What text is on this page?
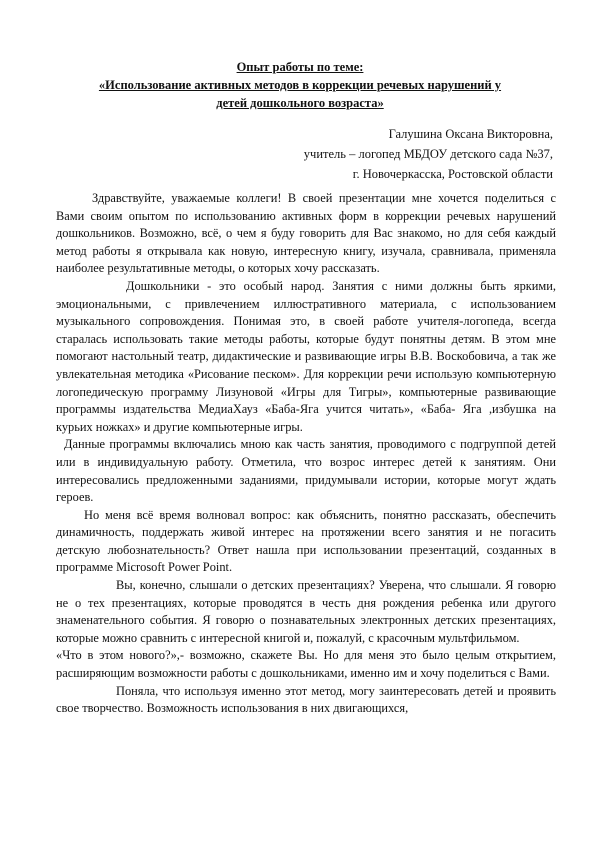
Опыт работы по теме:
«Использование активных методов в коррекции речевых нарушений у
детей дошкольного возраста»
Галушина Оксана Викторовна,
учитель – логопед МБДОУ детского сада №37,
г. Новочеркасска, Ростовской области

Здравствуйте, уважаемые коллеги! В своей презентации мне хочется поделиться с Вами своим опытом по использованию активных форм в коррекции речевых нарушений дошкольников. Возможно, всё, о чем я буду говорить для Вас знакомо, но для себя каждый метод работы я открывала как новую, интересную книгу, изучала, сравнивала, применяла наиболее результативные методы, о которых хочу рассказать.

Дошкольники - это особый народ. Занятия с ними должны быть яркими, эмоциональными, с привлечением иллюстративного материала, с использованием музыкального сопровождения. Понимая это, в своей работе учителя-логопеда, всегда старалась использовать такие методы работы, которые будут понятны детям. В этом мне помогают настольный театр, дидактические и развивающие игры В.В. Воскобовича, а так же увлекательная методика «Рисование песком». Для коррекции речи использую компьютерную логопедическую программу Лизуновой «Игры для Тигры», компьютерные развивающие программы издательства МедиаХауз «Баба-Яга учится читать», «Баба- Яга ,избушка на курьих ножках» и другие компьютерные игры.

Данные программы включались мною как часть занятия, проводимого с подгруппой детей или в индивидуальную работу. Отметила, что возрос интерес детей к занятиям. Они интересовались предложенными заданиями, придумывали истории, которые могут ждать героев.

Но меня всё время волновал вопрос: как объяснить, понятно рассказать, обеспечить динамичность, поддержать живой интерес на протяжении всего занятия и не погасить детскую любознательность? Ответ нашла при использовании презентаций, созданных в программе Microsoft Power Point.

Вы, конечно, слышали о детских презентациях? Уверена, что слышали. Я говорю не о тех презентациях, которые проводятся в честь дня рождения ребенка или другого знаменательного события. Я говорю о познавательных электронных детских презентациях, которые можно сравнить с интересной книгой и, пожалуй, с красочным мультфильмом.

«Что в этом нового?»,- возможно, скажете Вы. Но для меня это было целым открытием, расширяющим возможности работы с дошкольниками, именно им и хочу поделиться с Вами.

Поняла, что используя именно этот метод, могу заинтересовать детей и проявить свое творчество. Возможность использования в них двигающихся,
